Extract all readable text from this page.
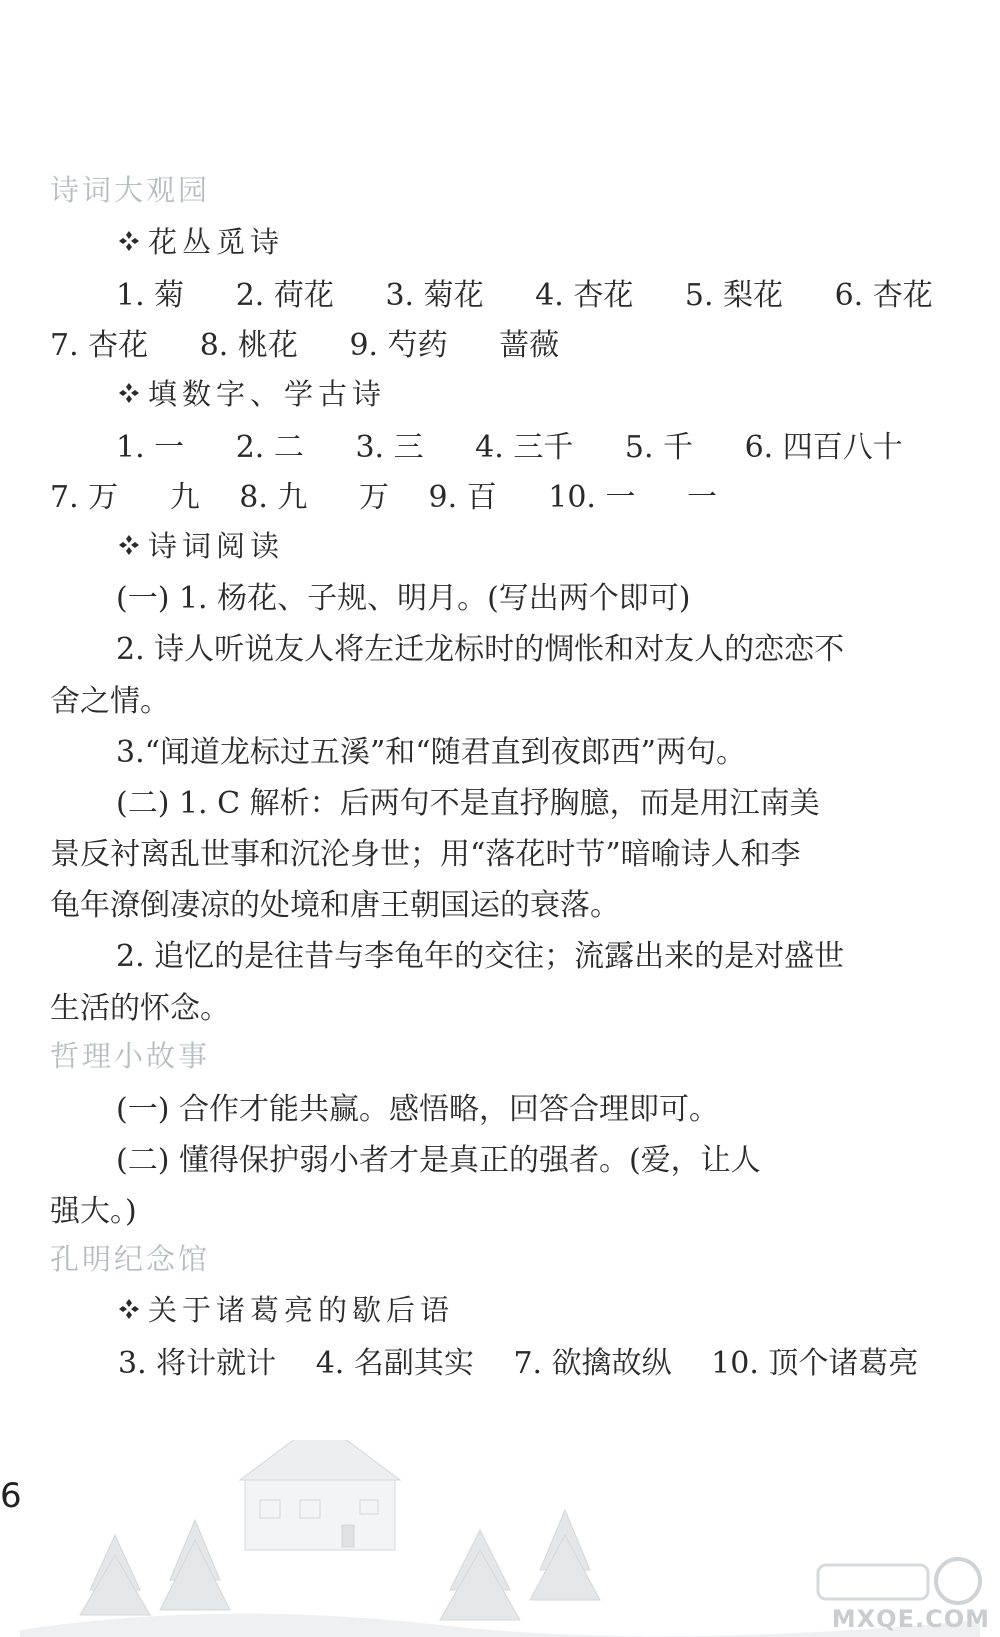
诗词大观园
花丛觅诗
1. 菊 2. 荷花 3. 菊花 4. 杏花 5. 梨花 6. 杏花
7. 杏花 8. 桃花 9. 芍药 蔷薇
填数字、学古诗
1. 一 2. 二 3. 三 4. 三千 5. 千 6. 四百八十
7. 万 九 8. 九 万 9. 百 10. 一 一
诗词阅读
(一) 1. 杨花、子规、明月。(写出两个即可)
2. 诗人听说友人将左迁龙标时的惆怅和对友人的恋恋不
舍之情。
3.“闻道龙标过五溪”和“随君直到夜郎西”两句。
(二) 1. C 解析：后两句不是直抒胸臆，而是用江南美
景反衬离乱世事和沉沦身世；用“落花时节”暗喻诗人和李
龟年潦倒凄凉的处境和唐王朝国运的衰落。
2. 追忆的是往昔与李龟年的交往；流露出来的是对盛世
生活的怀念。
哲理小故事
(一) 合作才能共赢。感悟略，回答合理即可。
(二) 懂得保护弱小者才是真正的强者。(爱，让人
强大。)
孔明纪念馆
关于诸葛亮的歇后语
3. 将计就计 4. 名副其实 7. 欲擒故纵 10. 顶个诸葛亮
6
MXQE.COM
